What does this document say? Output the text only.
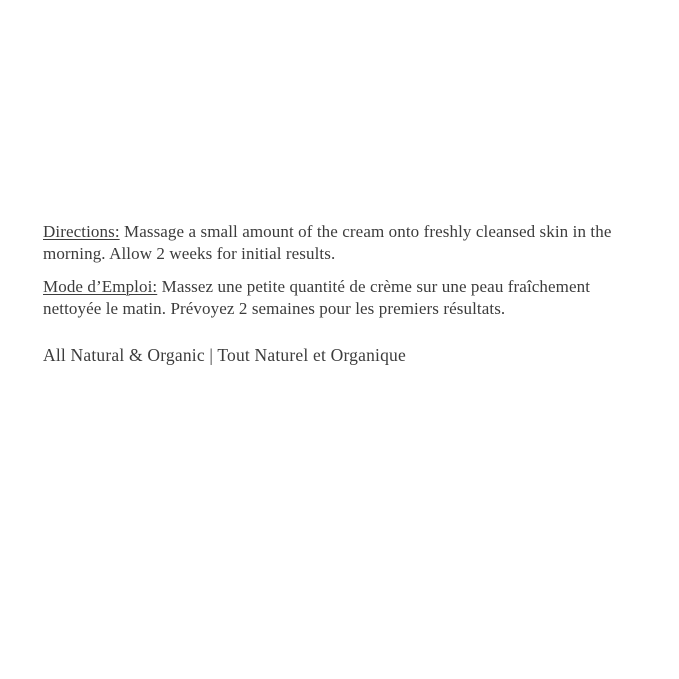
Directions: Massage a small amount of the cream onto freshly cleansed skin in the
morning. Allow 2 weeks for initial results.

Mode d’Emploi: Massez une petite quantité de crème sur une peau fraîchement
nettoyée le matin. Prévoyez 2 semaines pour les premiers résultats.

All Natural & Organic | Tout Naturel et Organique
